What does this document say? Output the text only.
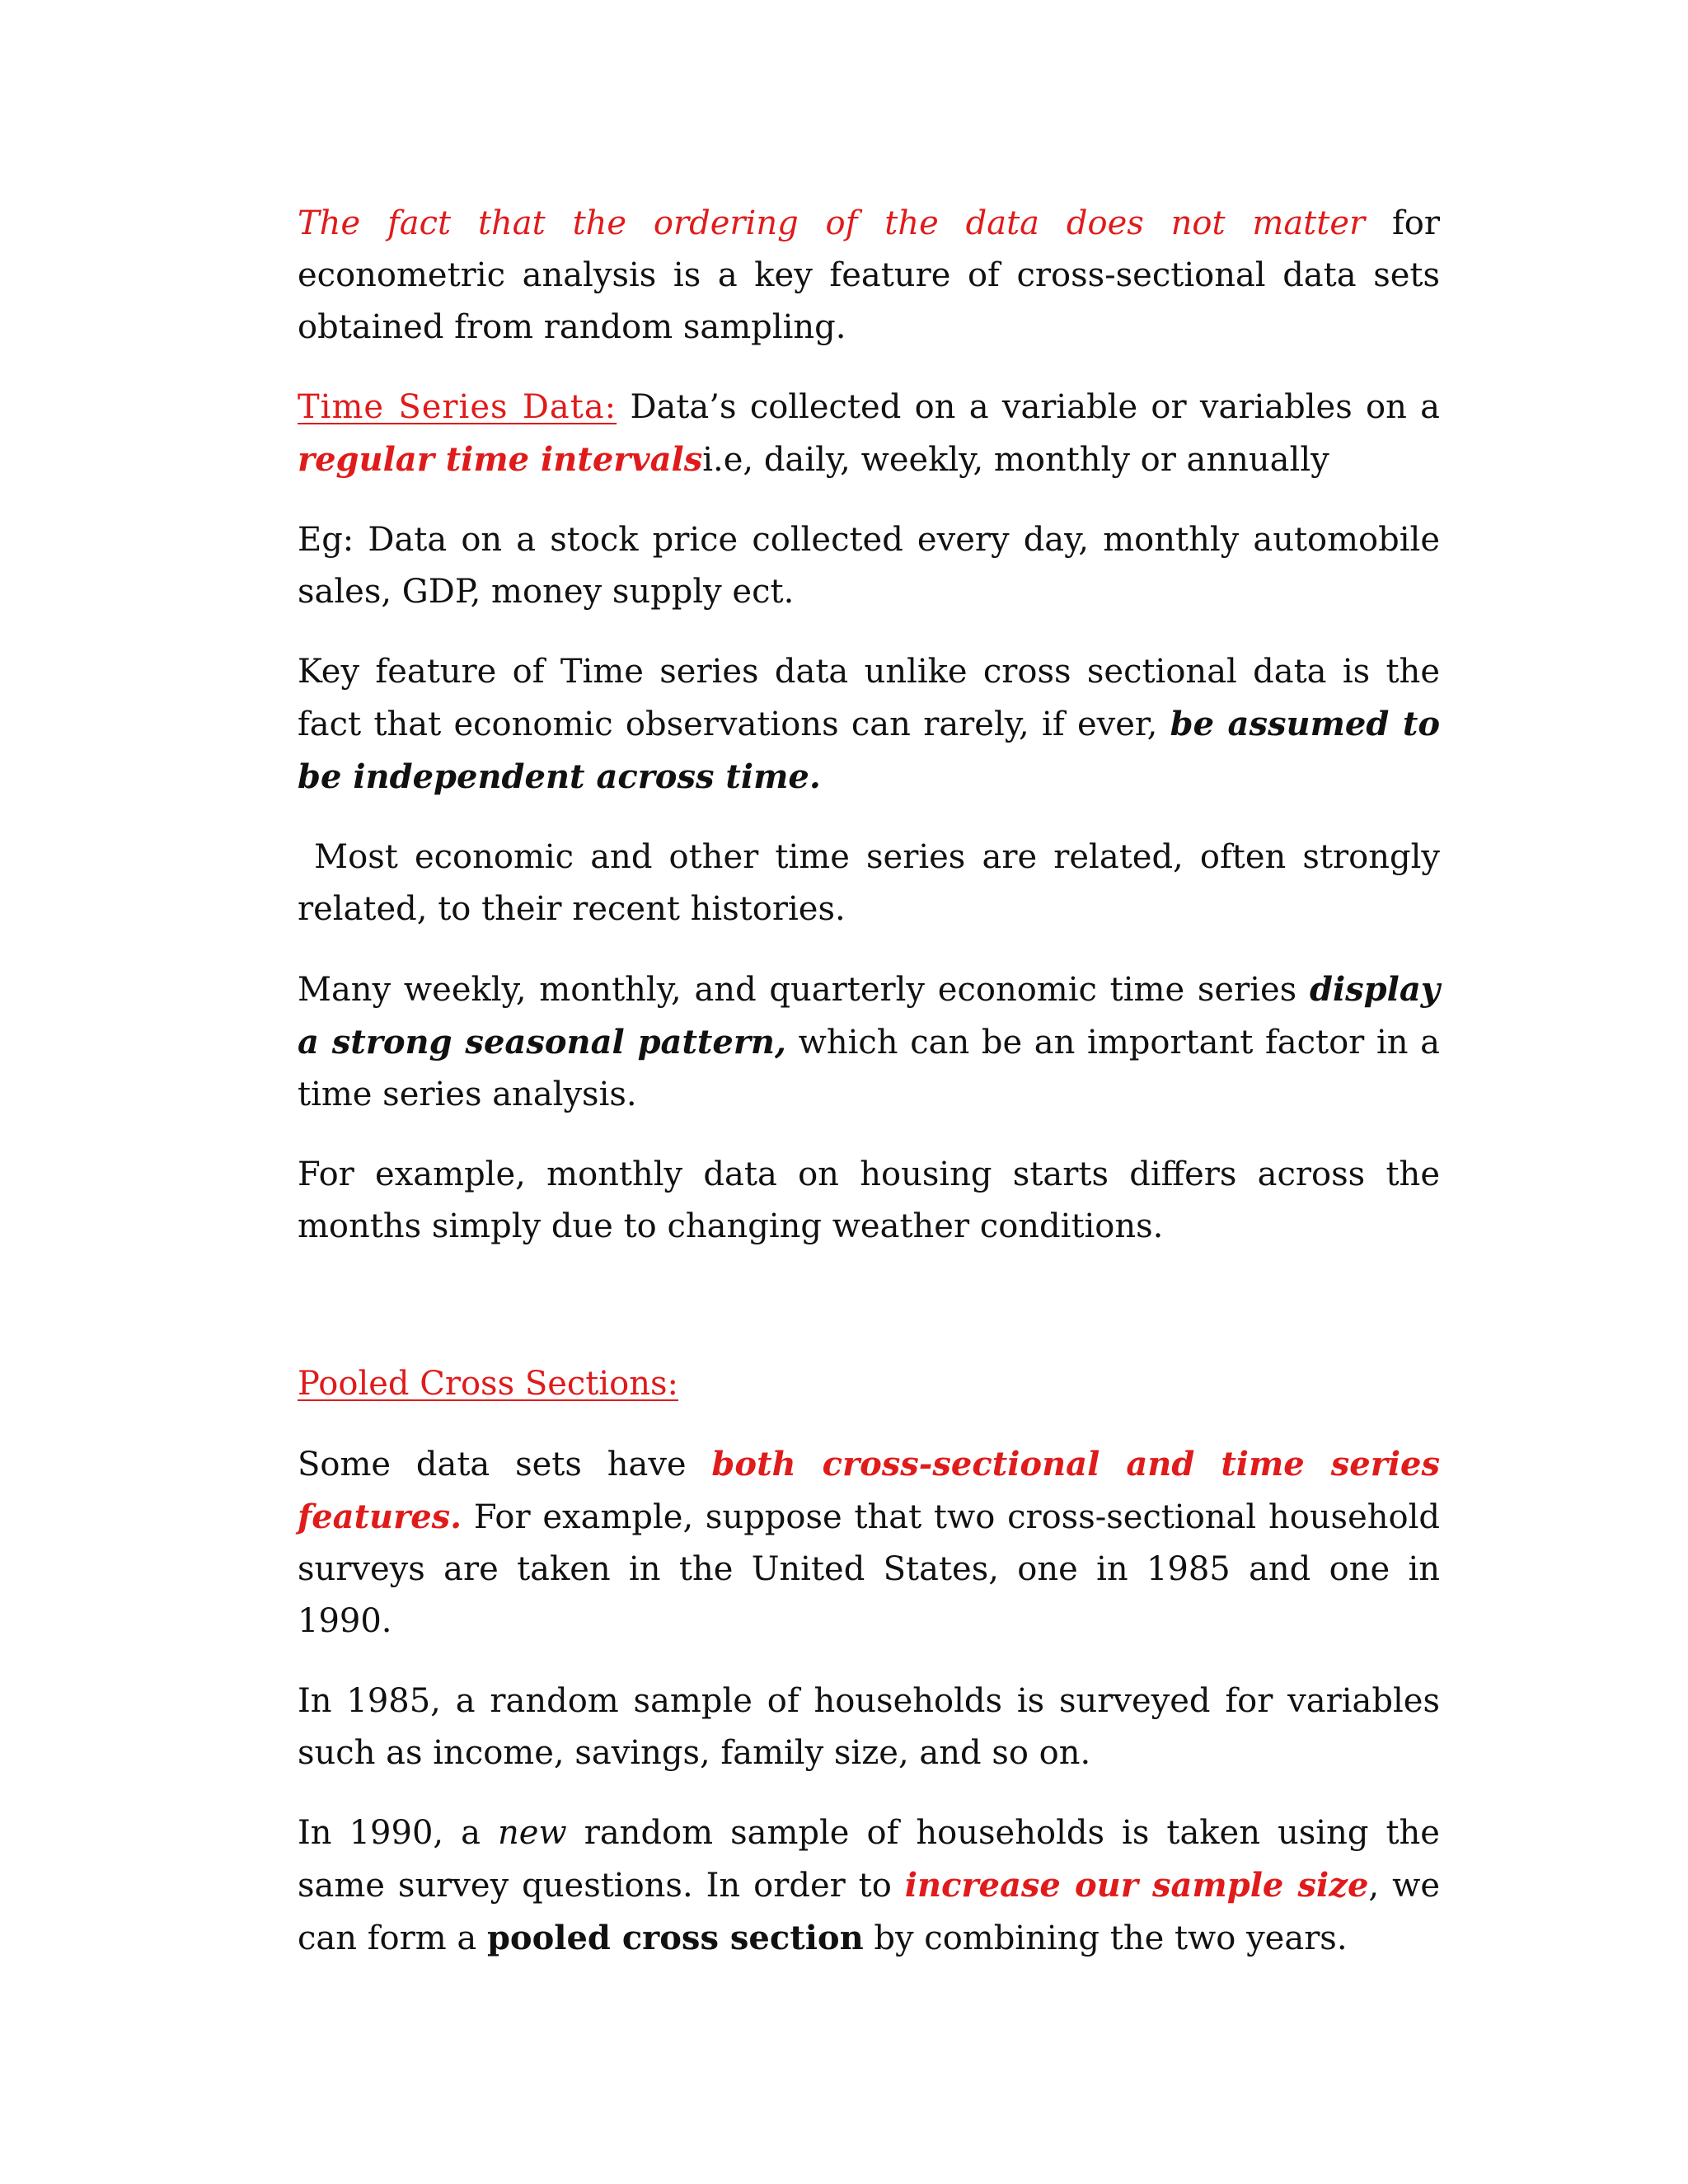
The fact that the ordering of the data does not matter for econometric analysis is a key feature of cross-sectional data sets obtained from random sampling.

Time Series Data: Data’s collected on a variable or variables on a regular time intervalsi.e, daily, weekly, monthly or annually

Eg: Data on a stock price collected every day, monthly automobile sales, GDP, money supply ect.

Key feature of Time series data unlike cross sectional data is the fact that economic observations can rarely, if ever, be assumed to be independent across time.

Most economic and other time series are related, often strongly related, to their recent histories.

Many weekly, monthly, and quarterly economic time series display a strong seasonal pattern, which can be an important factor in a time series analysis.

For example, monthly data on housing starts differs across the months simply due to changing weather conditions.

Pooled Cross Sections:

Some data sets have both cross-sectional and time series features. For example, suppose that two cross-sectional household surveys are taken in the United States, one in 1985 and one in 1990.

In 1985, a random sample of households is surveyed for variables such as income, savings, family size, and so on.

In 1990, a new random sample of households is taken using the same survey questions. In order to increase our sample size, we can form a pooled cross section by combining the two years.
